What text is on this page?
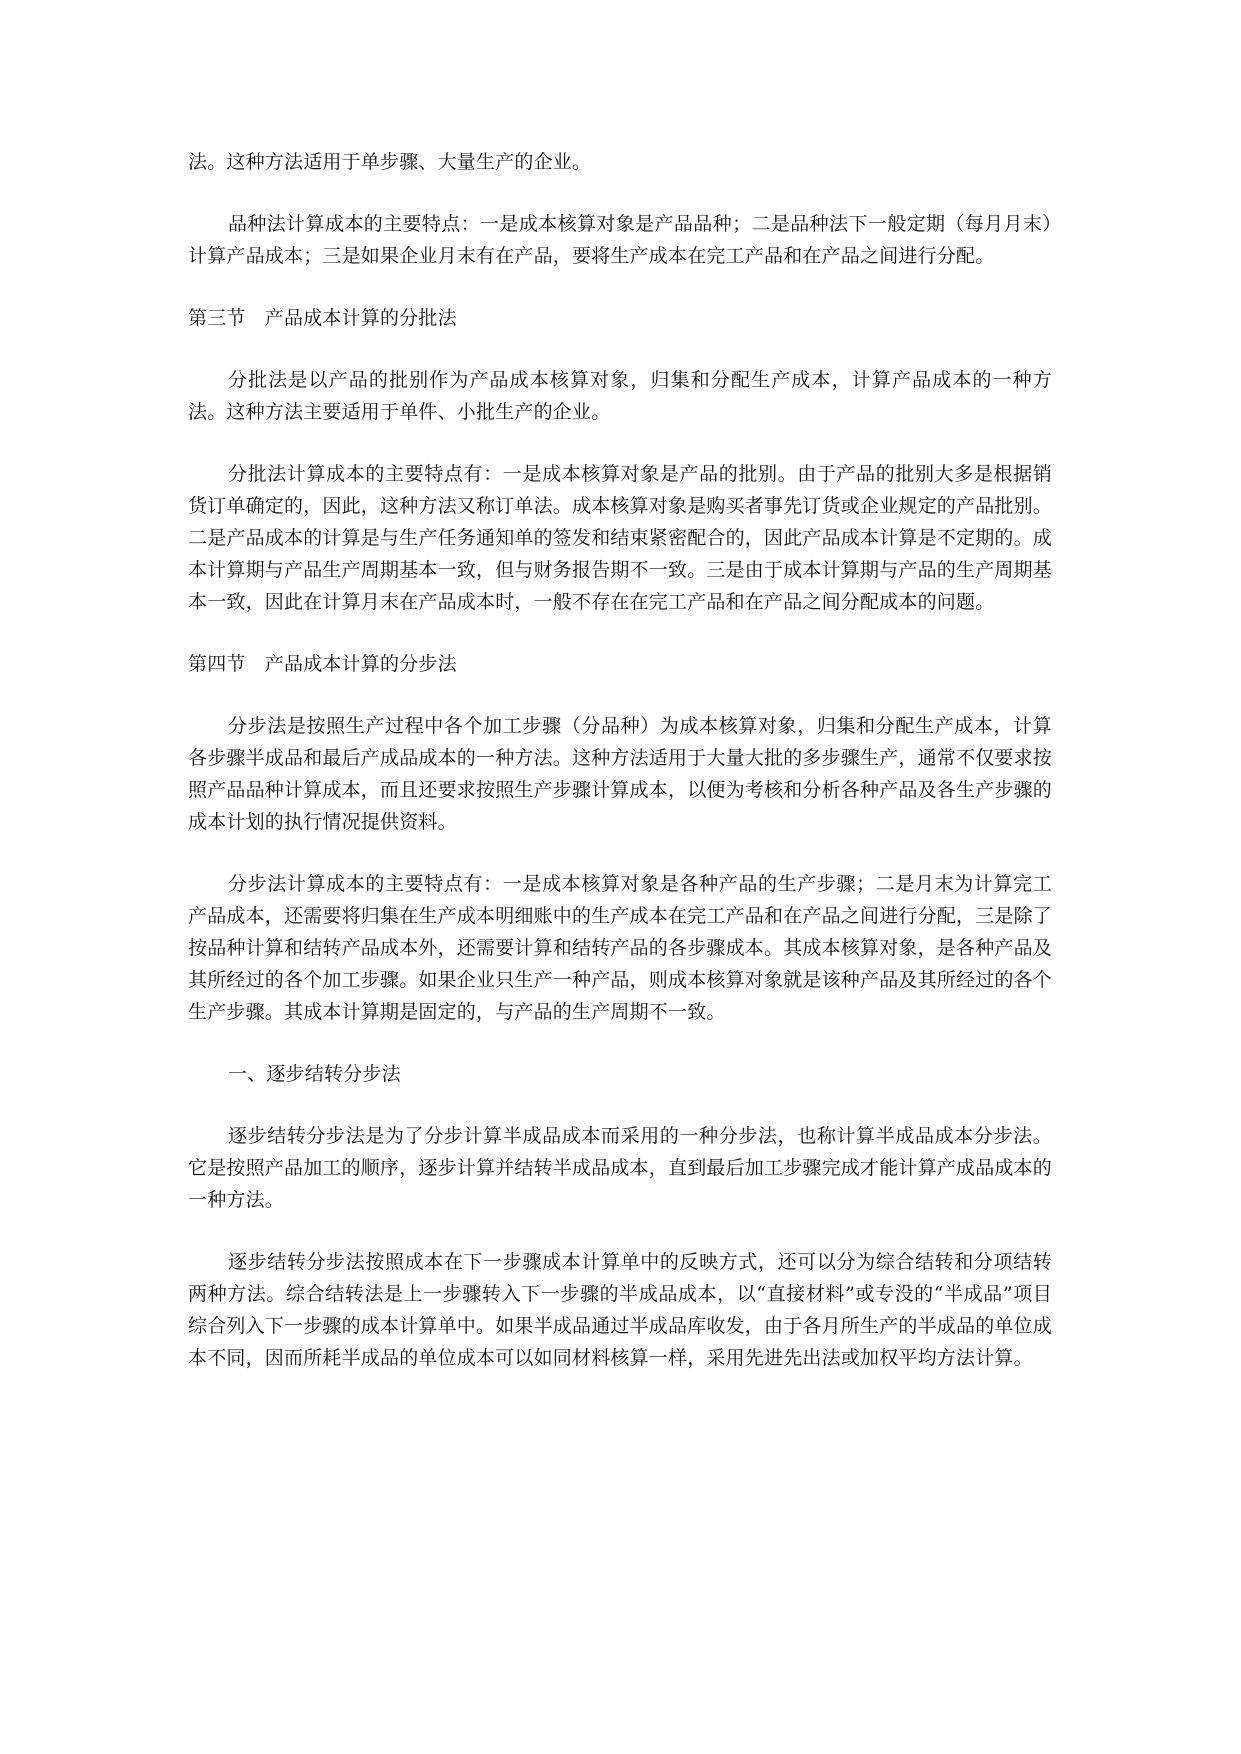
法。这种方法适用于单步骤、大量生产的企业。

品种法计算成本的主要特点：一是成本核算对象是产品品种；二是品种法下一般定期（每月月末）计算产品成本；三是如果企业月末有在产品，要将生产成本在完工产品和在产品之间进行分配。

第三节　产品成本计算的分批法

分批法是以产品的批别作为产品成本核算对象，归集和分配生产成本，计算产品成本的一种方法。这种方法主要适用于单件、小批生产的企业。

分批法计算成本的主要特点有：一是成本核算对象是产品的批别。由于产品的批别大多是根据销货订单确定的，因此，这种方法又称订单法。成本核算对象是购买者事先订货或企业规定的产品批别。二是产品成本的计算是与生产任务通知单的签发和结束紧密配合的，因此产品成本计算是不定期的。成本计算期与产品生产周期基本一致，但与财务报告期不一致。三是由于成本计算期与产品的生产周期基本一致，因此在计算月末在产品成本时，一般不存在在完工产品和在产品之间分配成本的问题。

第四节　产品成本计算的分步法

分步法是按照生产过程中各个加工步骤（分品种）为成本核算对象，归集和分配生产成本，计算各步骤半成品和最后产成品成本的一种方法。这种方法适用于大量大批的多步骤生产，通常不仅要求按照产品品种计算成本，而且还要求按照生产步骤计算成本，以便为考核和分析各种产品及各生产步骤的成本计划的执行情况提供资料。

分步法计算成本的主要特点有：一是成本核算对象是各种产品的生产步骤；二是月末为计算完工产品成本，还需要将归集在生产成本明细账中的生产成本在完工产品和在产品之间进行分配，三是除了按品种计算和结转产品成本外，还需要计算和结转产品的各步骤成本。其成本核算对象，是各种产品及其所经过的各个加工步骤。如果企业只生产一种产品，则成本核算对象就是该种产品及其所经过的各个生产步骤。其成本计算期是固定的，与产品的生产周期不一致。

一、逐步结转分步法

逐步结转分步法是为了分步计算半成品成本而采用的一种分步法，也称计算半成品成本分步法。它是按照产品加工的顺序，逐步计算并结转半成品成本，直到最后加工步骤完成才能计算产成品成本的一种方法。

逐步结转分步法按照成本在下一步骤成本计算单中的反映方式，还可以分为综合结转和分项结转两种方法。综合结转法是上一步骤转入下一步骤的半成品成本，以“直接材料”或专没的“半成品”项目综合列入下一步骤的成本计算单中。如果半成品通过半成品库收发，由于各月所生产的半成品的单位成本不同，因而所耗半成品的单位成本可以如同材料核算一样，采用先进先出法或加权平均方法计算。
